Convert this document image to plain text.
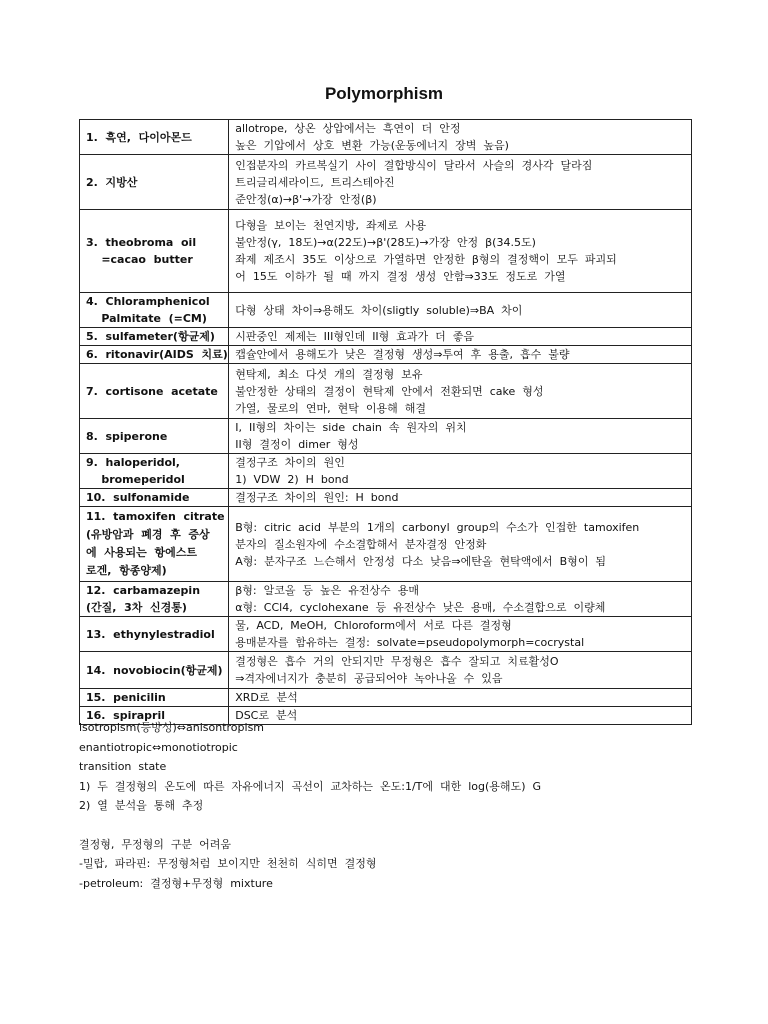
Polymorphism
1.  흑연,  다이아몬드	allotrope,  상온  상압에서는  흑연이  더  안정
높은  기압에서  상호  변환  가능(운동에너지  장벽  높음)

2.  지방산	인접분자의  카르복실기  사이  결합방식이  달라서  사슬의  경사각  달라짐
트리글리세라이드,  트리스테아진
준안정(α)→β'→가장  안정(β)

3.  theobroma  oil
=cacao  butter	다형을  보이는  천연지방,  좌제로  사용
불안정(γ,  18도)→α(22도)→β'(28도)→가장  안정  β(34.5도)
좌제  제조시  35도  이상으로  가열하면  안정한  β형의  결정핵이  모두  파괴되
어  15도  이하가  될  때  까지  결정  생성  안함⇒33도  정도로  가열

4.  Chloramphenicol
Palmitate  (=CM)	다형  상태  차이⇒용해도  차이(sligtly  soluble)⇒BA  차이

5.  sulfameter(항균제)	시판중인  제제는  III형인데  II형  효과가  더  좋음

6.  ritonavir(AIDS  치료)	캡슐안에서  용해도가  낮은  결정형  생성⇒투여  후  용출,  흡수  불량

7.  cortisone  acetate	현탁제,  최소  다섯  개의  결정형  보유
불안정한  상태의  결정이  현탁제  안에서  전환되면  cake  형성
가열,  물로의  연마,  현탁  이용해  해결

8.  spiperone	I,  II형의  차이는  side  chain  속  원자의  위치
II형  결정이  dimer  형성

9.  haloperidol,
bromeperidol	결정구조  차이의  원인
1)  VDW  2)  H  bond

10.  sulfonamide	결정구조  차이의  원인:  H  bond

11.  tamoxifen  citrate
(유방암과  폐경  후  증상
에  사용되는  항에스트
로겐,  항종양제)	B형:  citric  acid  부분의  1개의  carbonyl  group의  수소가  인접한  tamoxifen
분자의  질소원자에  수소결합해서  분자결정  안정화
A형:  분자구조  느슨해서  안정성  다소  낮음⇒에탄올  현탁액에서  B형이  됨

12.  carbamazepin
(간질,  3차  신경통)	β형:  알코올  등  높은  유전상수  용매
α형:  CCl4,  cyclohexane  등  유전상수  낮은  용매,  수소결합으로  이량체

13.  ethynylestradiol	물,  ACD,  MeOH,  Chloroform에서  서로  다른  결정형
용매분자를  함유하는  결정:  solvate=pseudopolymorph=cocrystal

14.  novobiocin(항균제)	결정형은  흡수  거의  안되지만  무정형은  흡수  잘되고  치료활성O
⇒격자에너지가  충분히  공급되어야  녹아나올  수  있음

15.  penicilin	XRD로  분석

16.  spirapril	DSC로  분석
isotropism(등방성)⇔anisontropism
enantiotropic⇔monotiotropic
transition  state
1)  두  결정형의  온도에  따른  자유에너지  곡선이  교차하는  온도:1/T에  대한  log(용해도)  G
2)  열  분석을  통해  추정
결정형,  무정형의  구분  어려움
-밀랍,  파라핀:  무정형처럼  보이지만  천천히  식히면  결정형
-petroleum:  결정형+무정형  mixture
